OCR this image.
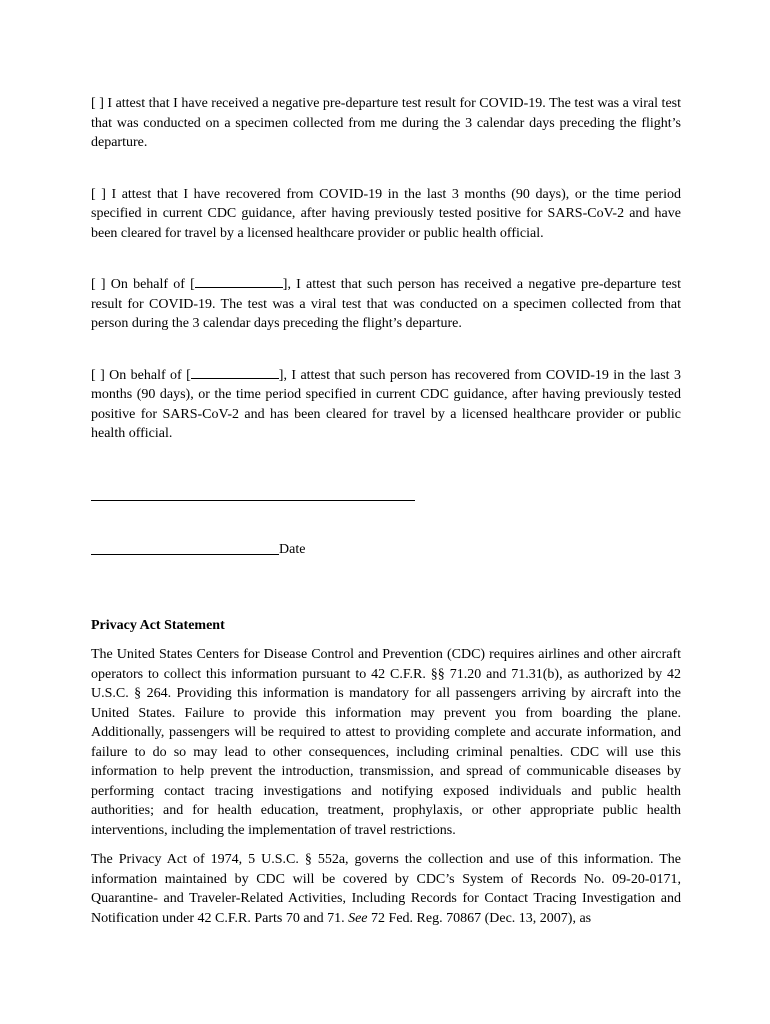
[ ] I attest that I have received a negative pre-departure test result for COVID-19. The test was a viral test that was conducted on a specimen collected from me during the 3 calendar days preceding the flight’s departure.

[ ] I attest that I have recovered from COVID-19 in the last 3 months (90 days), or the time period specified in current CDC guidance, after having previously tested positive for SARS-CoV-2 and have been cleared for travel by a licensed healthcare provider or public health official.

[ ] On behalf of [	], I attest that such person has received a negative pre-departure test result for COVID-19. The test was a viral test that was conducted on a specimen collected from that person during the 3 calendar days preceding the flight’s departure.

[ ] On behalf of [	], I attest that such person has recovered from COVID-19 in the last 3 months (90 days), or the time period specified in current CDC guidance, after having previously tested positive for SARS-CoV-2 and has been cleared for travel by a licensed healthcare provider or public health official.

Date

Privacy Act Statement

The United States Centers for Disease Control and Prevention (CDC) requires airlines and other aircraft operators to collect this information pursuant to 42 C.F.R. §§ 71.20 and 71.31(b), as authorized by 42 U.S.C. § 264. Providing this information is mandatory for all passengers arriving by aircraft into the United States. Failure to provide this information may prevent you from boarding the plane. Additionally, passengers will be required to attest to providing complete and accurate information, and failure to do so may lead to other consequences, including criminal penalties. CDC will use this information to help prevent the introduction, transmission, and spread of communicable diseases by performing contact tracing investigations and notifying exposed individuals and public health authorities; and for health education, treatment, prophylaxis, or other appropriate public health interventions, including the implementation of travel restrictions.

The Privacy Act of 1974, 5 U.S.C. § 552a, governs the collection and use of this information. The information maintained by CDC will be covered by CDC’s System of Records No. 09-20-0171, Quarantine- and Traveler-Related Activities, Including Records for Contact Tracing Investigation and Notification under 42 C.F.R. Parts 70 and 71. See 72 Fed. Reg. 70867 (Dec. 13, 2007), as
